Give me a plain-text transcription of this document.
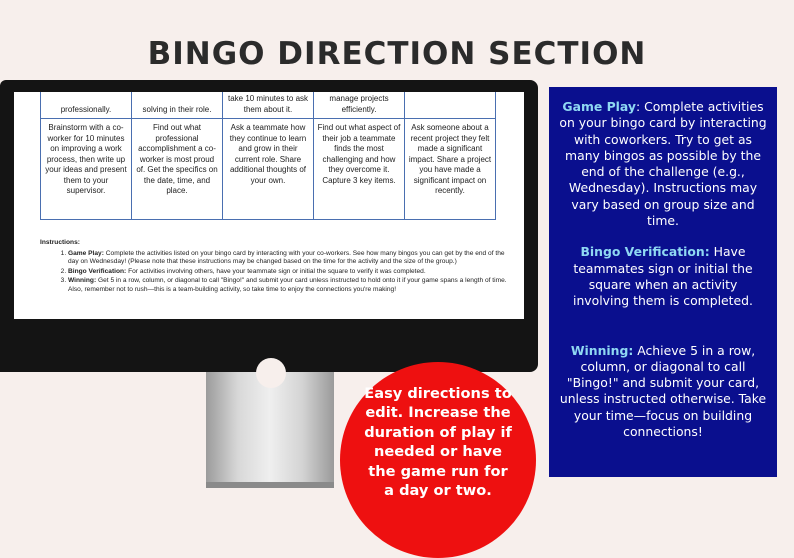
BINGO DIRECTION SECTION
professionally.	solving in their role.	take 10 minutes to ask them about it.	manage projects efficiently.	
Brainstorm with a co-worker for 10 minutes on improving a work process, then write up your ideas and present them to your supervisor.	Find out what professional accomplishment a co-worker is most proud of. Get the specifics on the date, time, and place.	Ask a teammate how they continue to learn and grow in their current role. Share additional thoughts of your own.	Find out what aspect of their job a teammate finds the most challenging and how they overcome it. Capture 3 key items.	Ask someone about a recent project they felt made a significant impact. Share a project you have made a significant impact on recently.
Instructions:
1. Game Play: Complete the activities listed on your bingo card by interacting with your co-workers. See how many bingos you can get by the end of the day on Wednesday! (Please note that these instructions may be changed based on the time for the activity and the size of the group.)
2. Bingo Verification: For activities involving others, have your teammate sign or initial the square to verify it was completed.
3. Winning: Get 5 in a row, column, or diagonal to call "Bingo!" and submit your card unless instructed to hold onto it if your game spans a length of time. Also, remember not to rush—this is a team-building activity, so take time to enjoy the connections you're making!

Game Play: Complete activities on your bingo card by interacting with coworkers. Try to get as many bingos as possible by the end of the challenge (e.g., Wednesday). Instructions may vary based on group size and time.

Bingo Verification: Have teammates sign or initial the square when an activity involving them is completed.

Winning: Achieve 5 in a row, column, or diagonal to call "Bingo!" and submit your card, unless instructed otherwise. Take your time—focus on building connections!

Easy directions to edit. Increase the duration of play if needed or have the game run for a day or two.
